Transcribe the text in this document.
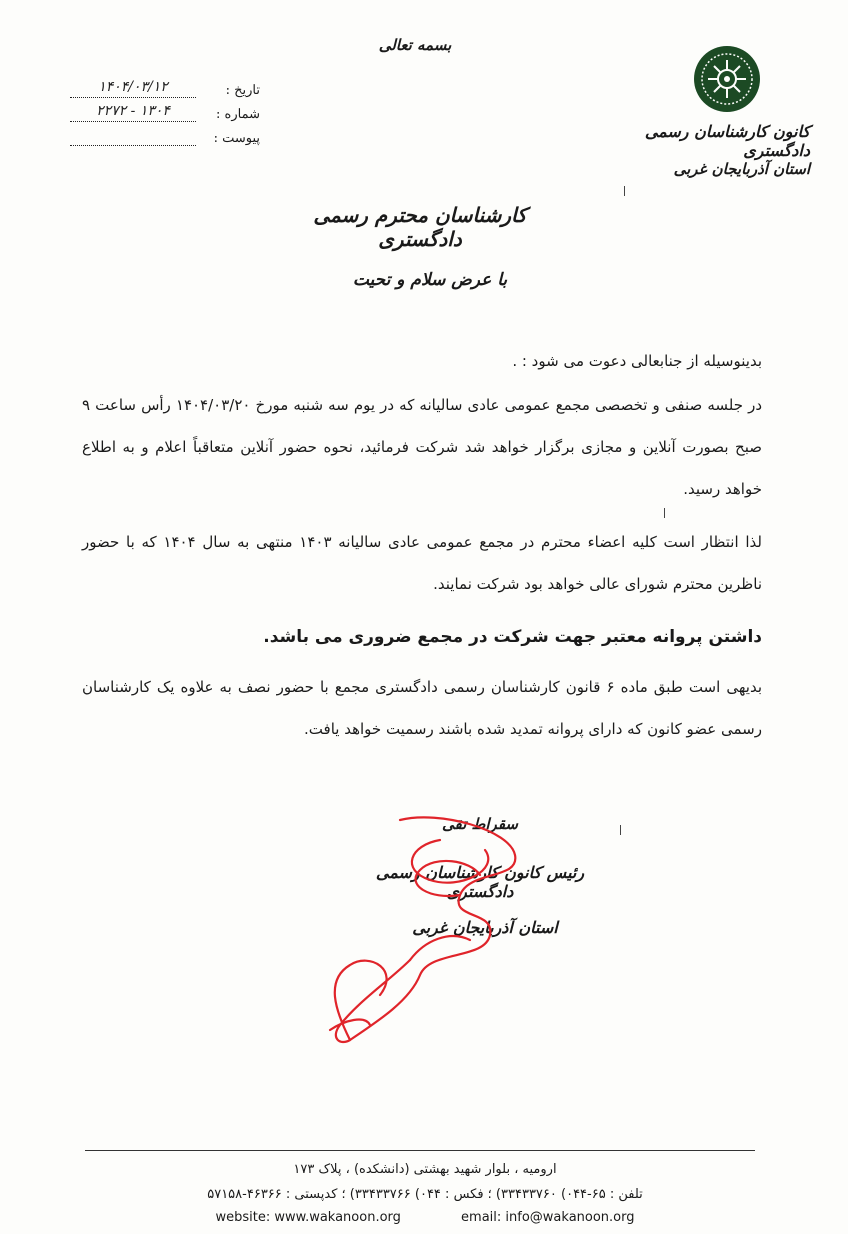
بسمه تعالی
تاریخ :
۱۴۰۴/۰۳/۱۲
شماره :
۱۳۰۴ - ۲۲۷۲
پیوست :	کانون کارشناسان رسمی دادگستری
استان آذربایجان غربی
کارشناسان محترم رسمی دادگستری
با عرض سلام و تحیت
بدینوسیله از جنابعالی دعوت می شود : .
در جلسه صنفی و تخصصی مجمع عمومی عادی سالیانه که در یوم سه شنبه مورخ ۱۴۰۴/۰۳/۲۰ رأس ساعت ۹ صبح بصورت آنلاین و مجازی برگزار خواهد شد شرکت فرمائید، نحوه حضور آنلاین متعاقباً اعلام و به اطلاع خواهد رسید.
لذا انتظار است کلیه اعضاء محترم در مجمع عمومی عادی سالیانه ۱۴۰۳ منتهی به سال ۱۴۰۴ که با حضور ناظرین محترم شورای عالی خواهد بود شرکت نمایند.
داشتن پروانه معتبر جهت شرکت در مجمع ضروری می باشد.
بدیهی است طبق ماده ۶ قانون کارشناسان رسمی دادگستری مجمع با حضور نصف به علاوه یک کارشناسان رسمی عضو کانون که دارای پروانه تمدید شده باشند رسمیت خواهد یافت.
سقراط تقی
رئیس کانون کارشناسان رسمی دادگستری
استان آذربایجان غربی
ارومیه ، بلوار شهید بهشتی (دانشکده) ، پلاک ۱۷۳
تلفن : ۶۵-۰۴۴) ۳۳۴۳۳۷۶۰) ؛ فکس : ۰۴۴) ۳۳۴۳۳۷۶۶) ؛ کدپستی : ۴۶۳۶۶-۵۷۱۵۸
website: www.wakanoon.org	email: info@wakanoon.org
